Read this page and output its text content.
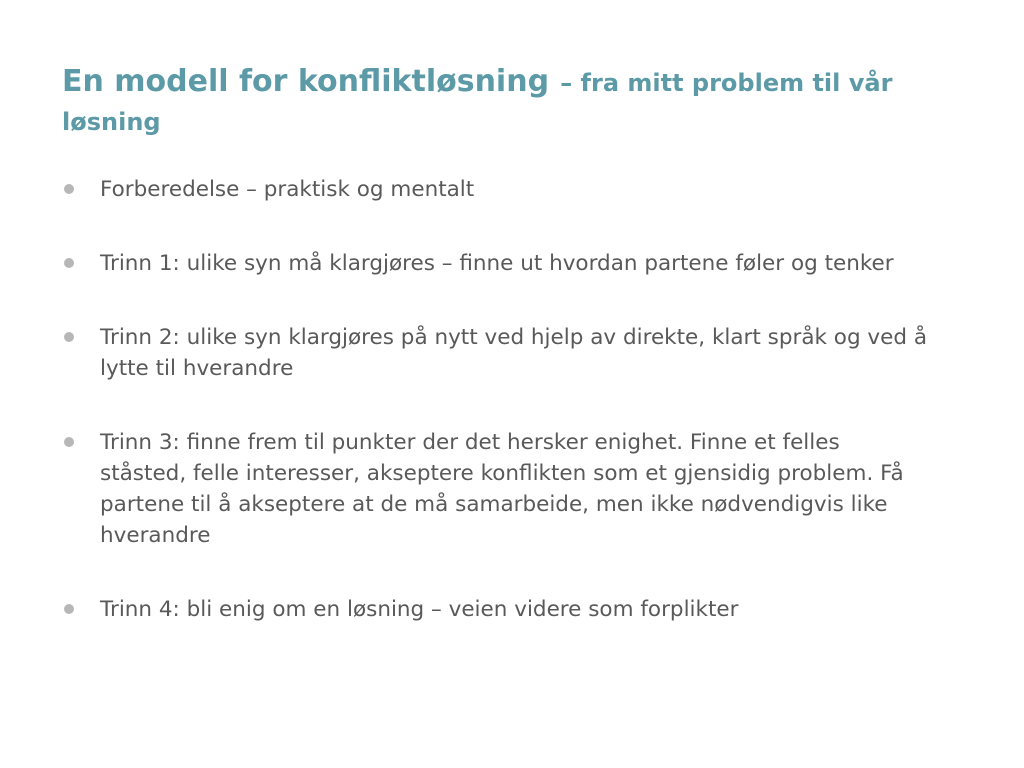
En modell for konfliktløsning – fra mitt problem til vår løsning
Forberedelse – praktisk og mentalt
Trinn 1: ulike syn må klargjøres – finne ut hvordan partene føler og tenker
Trinn 2: ulike syn klargjøres på nytt ved hjelp av direkte, klart språk og ved å lytte til hverandre
Trinn 3: finne frem til punkter der det hersker enighet. Finne et felles ståsted, felle interesser, akseptere konflikten som et gjensidig problem. Få partene til å akseptere at de må samarbeide, men ikke nødvendigvis like hverandre
Trinn 4: bli enig om en løsning – veien videre som forplikter
